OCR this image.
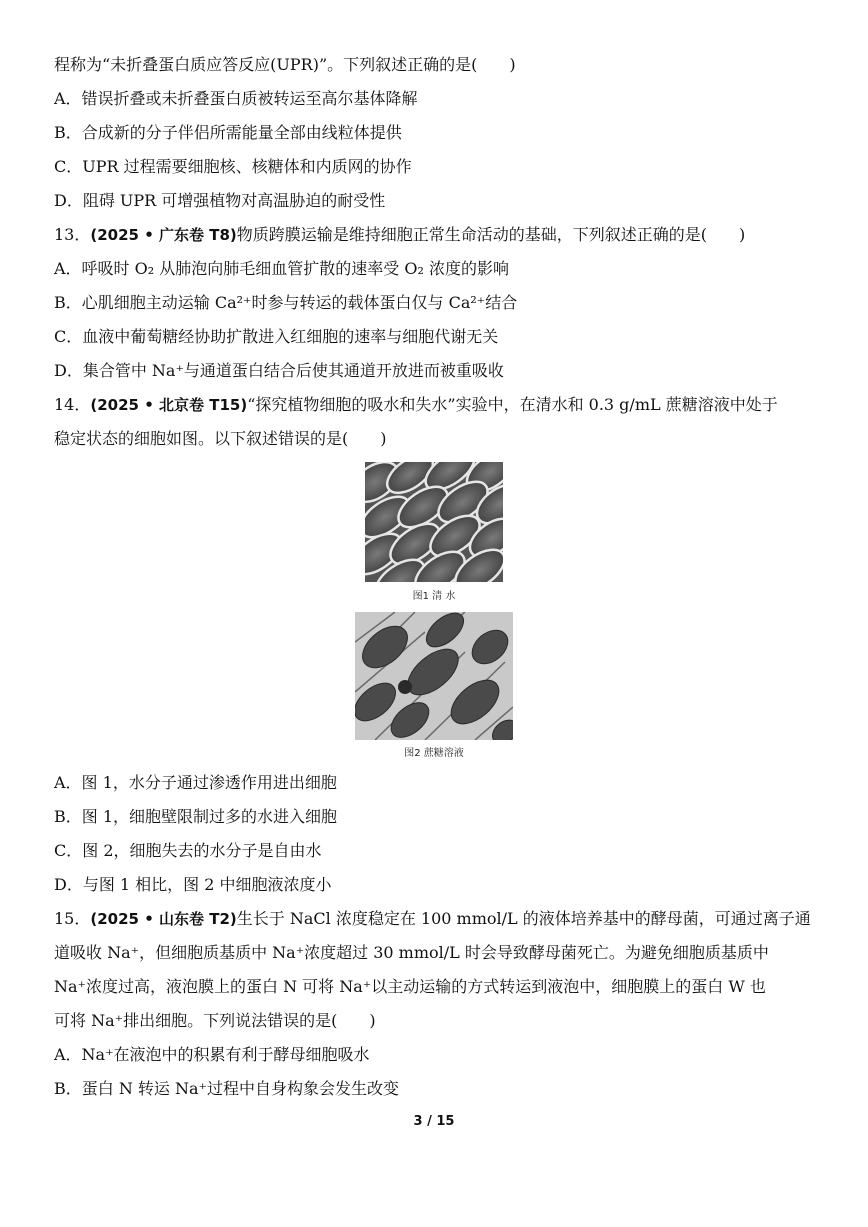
程称为“未折叠蛋白质应答反应(UPR)”。下列叙述正确的是(　　)
A．错误折叠或未折叠蛋白质被转运至高尔基体降解
B．合成新的分子伴侣所需能量全部由线粒体提供
C．UPR 过程需要细胞核、核糖体和内质网的协作
D．阻碍 UPR 可增强植物对高温胁迫的耐受性
13．(2025 • 广东卷 T8)物质跨膜运输是维持细胞正常生命活动的基础，下列叙述正确的是(　　)
A．呼吸时 O₂ 从肺泡向肺毛细血管扩散的速率受 O₂ 浓度的影响
B．心肌细胞主动运输 Ca²⁺时参与转运的载体蛋白仅与 Ca²⁺结合
C．血液中葡萄糖经协助扩散进入红细胞的速率与细胞代谢无关
D．集合管中 Na⁺与通道蛋白结合后使其通道开放进而被重吸收
14．(2025 • 北京卷 T15)“探究植物细胞的吸水和失水”实验中，在清水和 0.3 g/mL 蔗糖溶液中处于
稳定状态的细胞如图。以下叙述错误的是(　　)
图1 清 水
图2 蔗糖溶液
A．图 1，水分子通过渗透作用进出细胞
B．图 1，细胞壁限制过多的水进入细胞
C．图 2，细胞失去的水分子是自由水
D．与图 1 相比，图 2 中细胞液浓度小
15．(2025 • 山东卷 T2)生长于 NaCl 浓度稳定在 100 mmol/L 的液体培养基中的酵母菌，可通过离子通
道吸收 Na⁺，但细胞质基质中 Na⁺浓度超过 30 mmol/L 时会导致酵母菌死亡。为避免细胞质基质中
Na⁺浓度过高，液泡膜上的蛋白 N 可将 Na⁺以主动运输的方式转运到液泡中，细胞膜上的蛋白 W 也
可将 Na⁺排出细胞。下列说法错误的是(　　)
A．Na⁺在液泡中的积累有利于酵母细胞吸水
B．蛋白 N 转运 Na⁺过程中自身构象会发生改变
3 / 15
